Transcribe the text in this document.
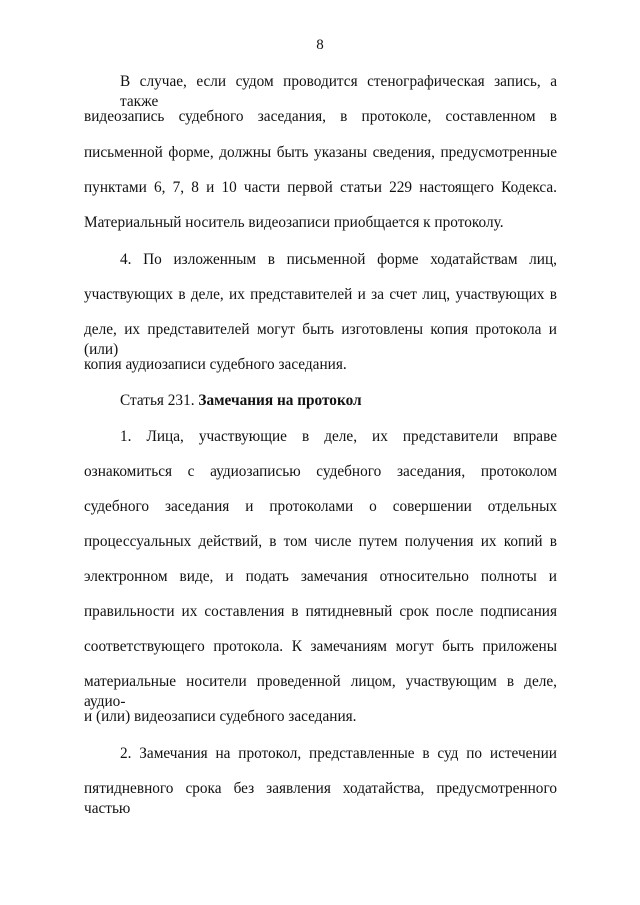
8
В случае, если судом проводится стенографическая запись, а также
видеозапись судебного заседания, в протоколе, составленном в
письменной форме, должны быть указаны сведения, предусмотренные
пунктами 6, 7, 8 и 10 части первой статьи 229 настоящего Кодекса.
Материальный носитель видеозаписи приобщается к протоколу.
4. По изложенным в письменной форме ходатайствам лиц,
участвующих в деле, их представителей и за счет лиц, участвующих в
деле, их представителей могут быть изготовлены копия протокола и (или)
копия аудиозаписи судебного заседания.
Статья 231. Замечания на протокол
1. Лица, участвующие в деле, их представители вправе
ознакомиться с аудиозаписью судебного заседания, протоколом
судебного заседания и протоколами о совершении отдельных
процессуальных действий, в том числе путем получения их копий в
электронном виде, и подать замечания относительно полноты и
правильности их составления в пятидневный срок после подписания
соответствующего протокола. К замечаниям могут быть приложены
материальные носители проведенной лицом, участвующим в деле, аудио-
и (или) видеозаписи судебного заседания.
2. Замечания на протокол, представленные в суд по истечении
пятидневного срока без заявления ходатайства, предусмотренного частью
